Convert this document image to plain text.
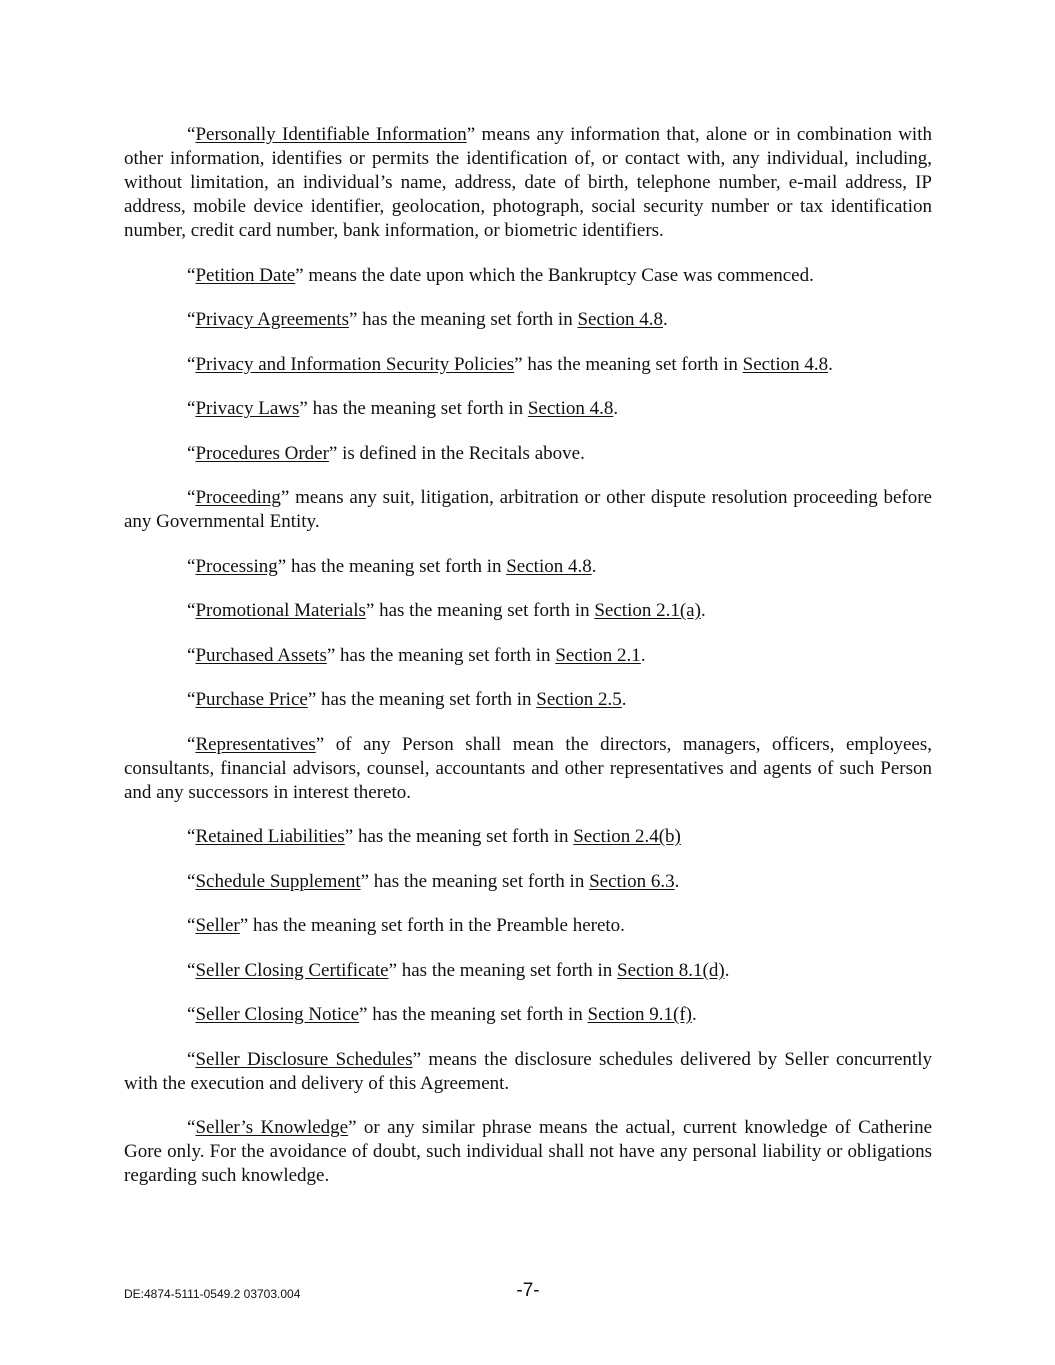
“Personally Identifiable Information” means any information that, alone or in combination with other information, identifies or permits the identification of, or contact with, any individual, including, without limitation, an individual’s name, address, date of birth, telephone number, e-mail address, IP address, mobile device identifier, geolocation, photograph, social security number or tax identification number, credit card number, bank information, or biometric identifiers.

“Petition Date” means the date upon which the Bankruptcy Case was commenced.

“Privacy Agreements” has the meaning set forth in Section 4.8.

“Privacy and Information Security Policies” has the meaning set forth in Section 4.8.

“Privacy Laws” has the meaning set forth in Section 4.8.

“Procedures Order” is defined in the Recitals above.

“Proceeding” means any suit, litigation, arbitration or other dispute resolution proceeding before any Governmental Entity.

“Processing” has the meaning set forth in Section 4.8.

“Promotional Materials” has the meaning set forth in Section 2.1(a).

“Purchased Assets” has the meaning set forth in Section 2.1.

“Purchase Price” has the meaning set forth in Section 2.5.

“Representatives” of any Person shall mean the directors, managers, officers, employees, consultants, financial advisors, counsel, accountants and other representatives and agents of such Person and any successors in interest thereto.

“Retained Liabilities” has the meaning set forth in Section 2.4(b)

“Schedule Supplement” has the meaning set forth in Section 6.3.

“Seller” has the meaning set forth in the Preamble hereto.

“Seller Closing Certificate” has the meaning set forth in Section 8.1(d).

“Seller Closing Notice” has the meaning set forth in Section 9.1(f).

“Seller Disclosure Schedules” means the disclosure schedules delivered by Seller concurrently with the execution and delivery of this Agreement.

“Seller’s Knowledge” or any similar phrase means the actual, current knowledge of Catherine Gore only. For the avoidance of doubt, such individual shall not have any personal liability or obligations regarding such knowledge.

DE:4874-5111-0549.2 03703.004	-7-
